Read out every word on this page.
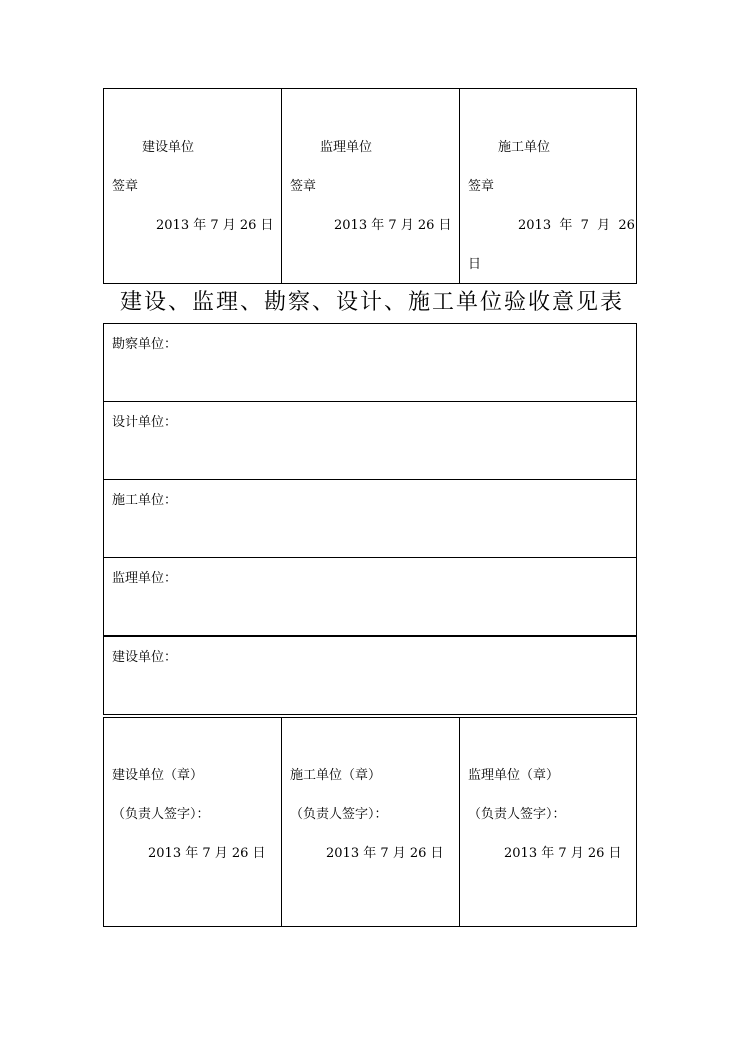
建设单位
签章
2013 年 7 月 26 日

监理单位
签章
2013 年 7 月 26 日

施工单位
签章
2013  年  7  月  26
日
建设、监理、勘察、设计、施工单位验收意见表
勘察单位：

设计单位：

施工单位：

监理单位：

建设单位：
建设单位（章）
（负责人签字）：
2013 年 7 月 26 日

施工单位（章）
（负责人签字）：
2013 年 7 月 26 日

监理单位（章）
（负责人签字）：
2013 年 7 月 26 日
